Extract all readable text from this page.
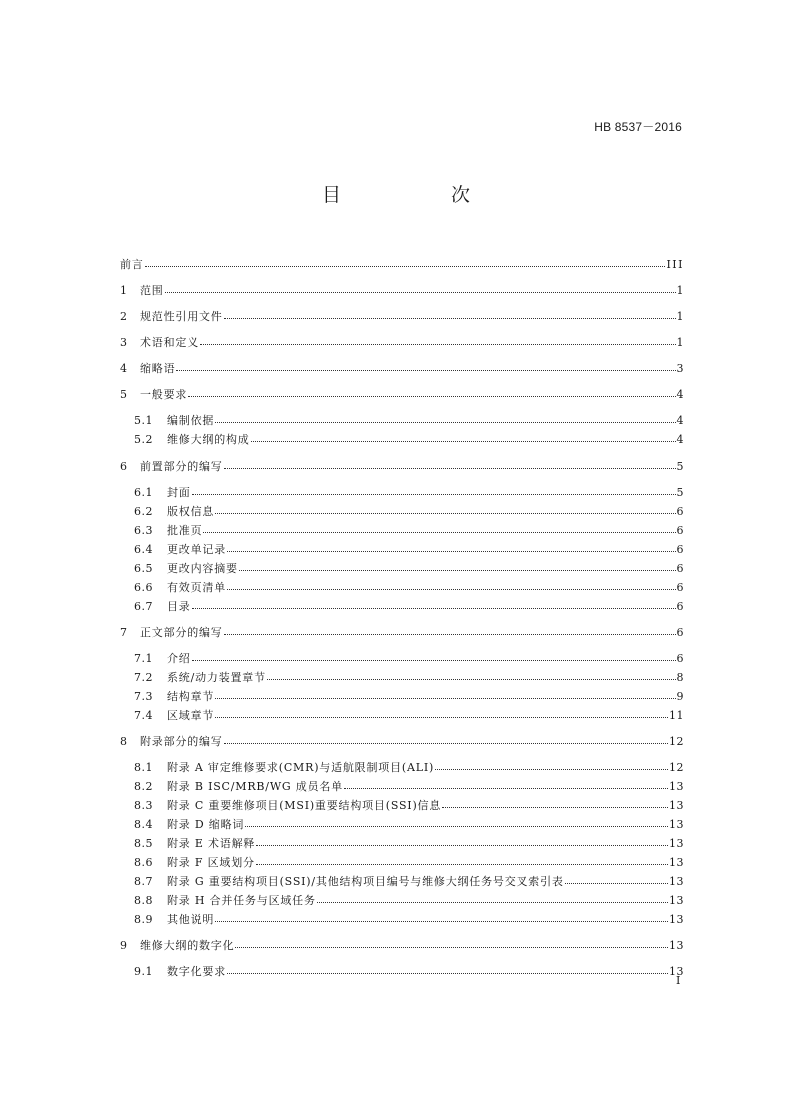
HB 8537－2016
目 次
前言	III
1	范围	1
2	规范性引用文件	1
3	术语和定义	1
4	缩略语	3
5	一般要求	4
5.1	编制依据	4
5.2	维修大纲的构成	4
6	前置部分的编写	5
6.1	封面	5
6.2	版权信息	6
6.3	批准页	6
6.4	更改单记录	6
6.5	更改内容摘要	6
6.6	有效页清单	6
6.7	目录	6
7	正文部分的编写	6
7.1	介绍	6
7.2	系统/动力装置章节	8
7.3	结构章节	9
7.4	区域章节	11
8	附录部分的编写	12
8.1	附录 A 审定维修要求(CMR)与适航限制项目(ALI)	12
8.2	附录 B ISC/MRB/WG 成员名单	13
8.3	附录 C 重要维修项目(MSI)重要结构项目(SSI)信息	13
8.4	附录 D 缩略词	13
8.5	附录 E 术语解释	13
8.6	附录 F 区域划分	13
8.7	附录 G 重要结构项目(SSI)/其他结构项目编号与维修大纲任务号交叉索引表	13
8.8	附录 H 合并任务与区域任务	13
8.9	其他说明	13
9	维修大纲的数字化	13
9.1	数字化要求	13
I
